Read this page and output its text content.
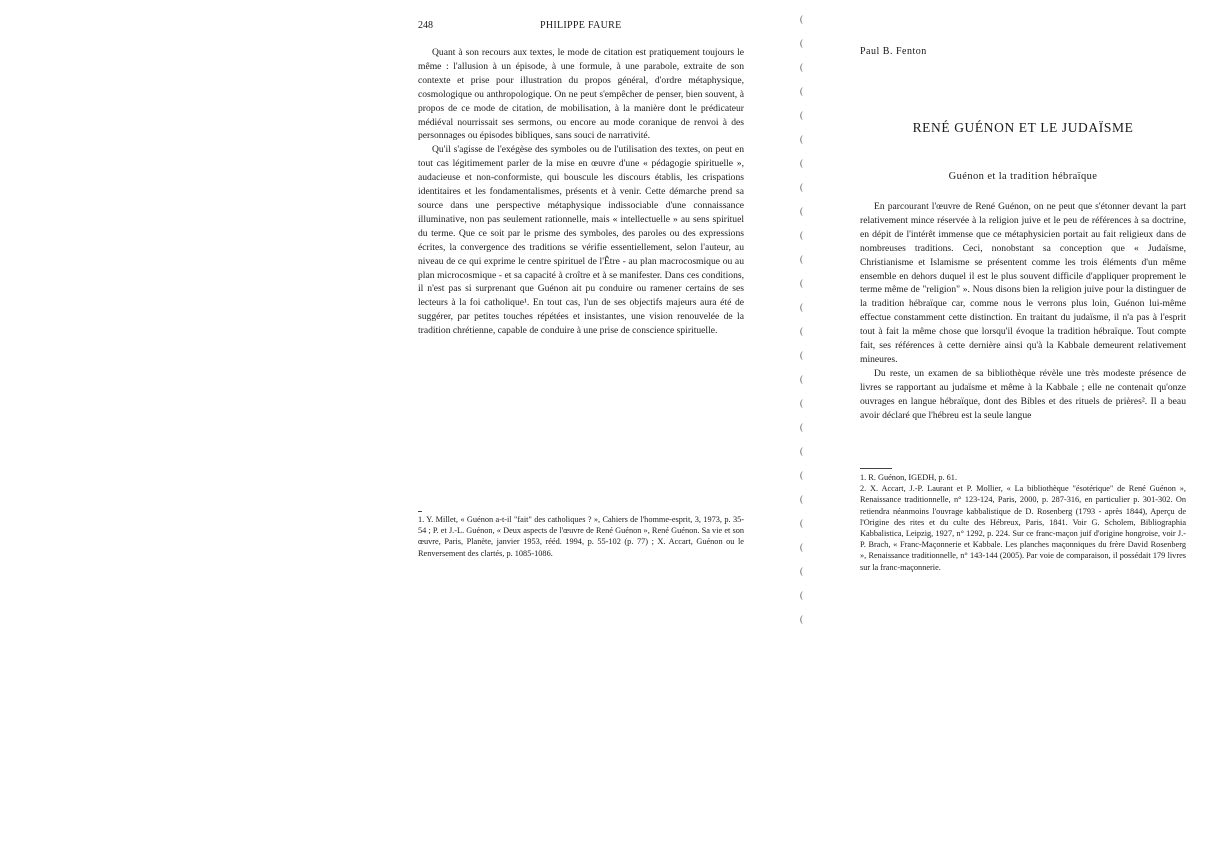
248	PHILIPPE FAURE

Quant à son recours aux textes, le mode de citation est pratiquement toujours le même : l'allusion à un épisode, à une formule, à une parabole, extraite de son contexte et prise pour illustration du propos général, d'ordre métaphysique, cosmologique ou anthropologique. On ne peut s'empêcher de penser, bien souvent, à propos de ce mode de citation, de mobilisation, à la manière dont le prédicateur médiéval nourrissait ses sermons, ou encore au mode coranique de renvoi à des personnages ou épisodes bibliques, sans souci de narrativité.

Qu'il s'agisse de l'exégèse des symboles ou de l'utilisation des textes, on peut en tout cas légitimement parler de la mise en œuvre d'une « pédagogie spirituelle », audacieuse et non-conformiste, qui bouscule les discours établis, les crispations identitaires et les fondamentalismes, présents et à venir. Cette démarche prend sa source dans une perspective métaphysique indissociable d'une connaissance illuminative, non pas seulement rationnelle, mais « intellectuelle » au sens spirituel du terme. Que ce soit par le prisme des symboles, des paroles ou des expressions écrites, la convergence des traditions se vérifie essentiellement, selon l'auteur, au niveau de ce qui exprime le centre spirituel de l'Être - au plan macrocosmique ou au plan microcosmique - et sa capacité à croître et à se manifester. Dans ces conditions, il n'est pas si surprenant que Guénon ait pu conduire ou ramener certains de ses lecteurs à la foi catholique¹. En tout cas, l'un de ses objectifs majeurs aura été de suggérer, par petites touches répétées et insistantes, une vision renouvelée de la tradition chrétienne, capable de conduire à une prise de conscience spirituelle.

1. Y. Millet, « Guénon a-t-il "fait" des catholiques ? », Cahiers de l'homme-esprit, 3, 1973, p. 35-54 ; P. et J.-L. Guénon, « Deux aspects de l'œuvre de René Guénon », René Guénon. Sa vie et son œuvre, Paris, Planète, janvier 1953, rééd. 1994, p. 55-102 (p. 77) ; X. Accart, Guénon ou le Renversement des clartés, p. 1085-1086.

(
(
(
(
(
(
(
(
(
(
(
(
(
(
(
(
(
(
(
(
(
(
(
(
(
(
Paul B. Fenton
RENÉ GUÉNON ET LE JUDAÏSME
Guénon et la tradition hébraïque

En parcourant l'œuvre de René Guénon, on ne peut que s'étonner devant la part relativement mince réservée à la religion juive et le peu de références à sa doctrine, en dépit de l'intérêt immense que ce métaphysicien portait au fait religieux dans de nombreuses traditions. Ceci, nonobstant sa conception que « Judaïsme, Christianisme et Islamisme se présentent comme les trois éléments d'un même ensemble en dehors duquel il est le plus souvent difficile d'appliquer proprement le terme même de "religion" ». Nous disons bien la religion juive pour la distinguer de la tradition hébraïque car, comme nous le verrons plus loin, Guénon lui-même effectue constamment cette distinction. En traitant du judaïsme, il n'a pas à l'esprit tout à fait la même chose que lorsqu'il évoque la tradition hébraïque. Tout compte fait, ses références à cette dernière ainsi qu'à la Kabbale demeurent relativement mineures.

Du reste, un examen de sa bibliothèque révèle une très modeste présence de livres se rapportant au judaïsme et même à la Kabbale ; elle ne contenait qu'onze ouvrages en langue hébraïque, dont des Bibles et des rituels de prières². Il a beau avoir déclaré que l'hébreu est la seule langue

1. R. Guénon, IGEDH, p. 61.

2. X. Accart, J.-P. Laurant et P. Mollier, « La bibliothèque "ésotérique" de René Guénon », Renaissance traditionnelle, n° 123-124, Paris, 2000, p. 287-316, en particulier p. 301-302. On retiendra néanmoins l'ouvrage kabbalistique de D. Rosenberg (1793 - après 1844), Aperçu de l'Origine des rites et du culte des Hébreux, Paris, 1841. Voir G. Scholem, Bibliographia Kabbalistica, Leipzig, 1927, n° 1292, p. 224. Sur ce franc-maçon juif d'origine hongroise, voir J.-P. Brach, « Franc-Maçonnerie et Kabbale. Les planches maçonniques du frère David Rosenberg », Renaissance traditionnelle, n° 143-144 (2005). Par voie de comparaison, il possédait 179 livres sur la franc-maçonnerie.
